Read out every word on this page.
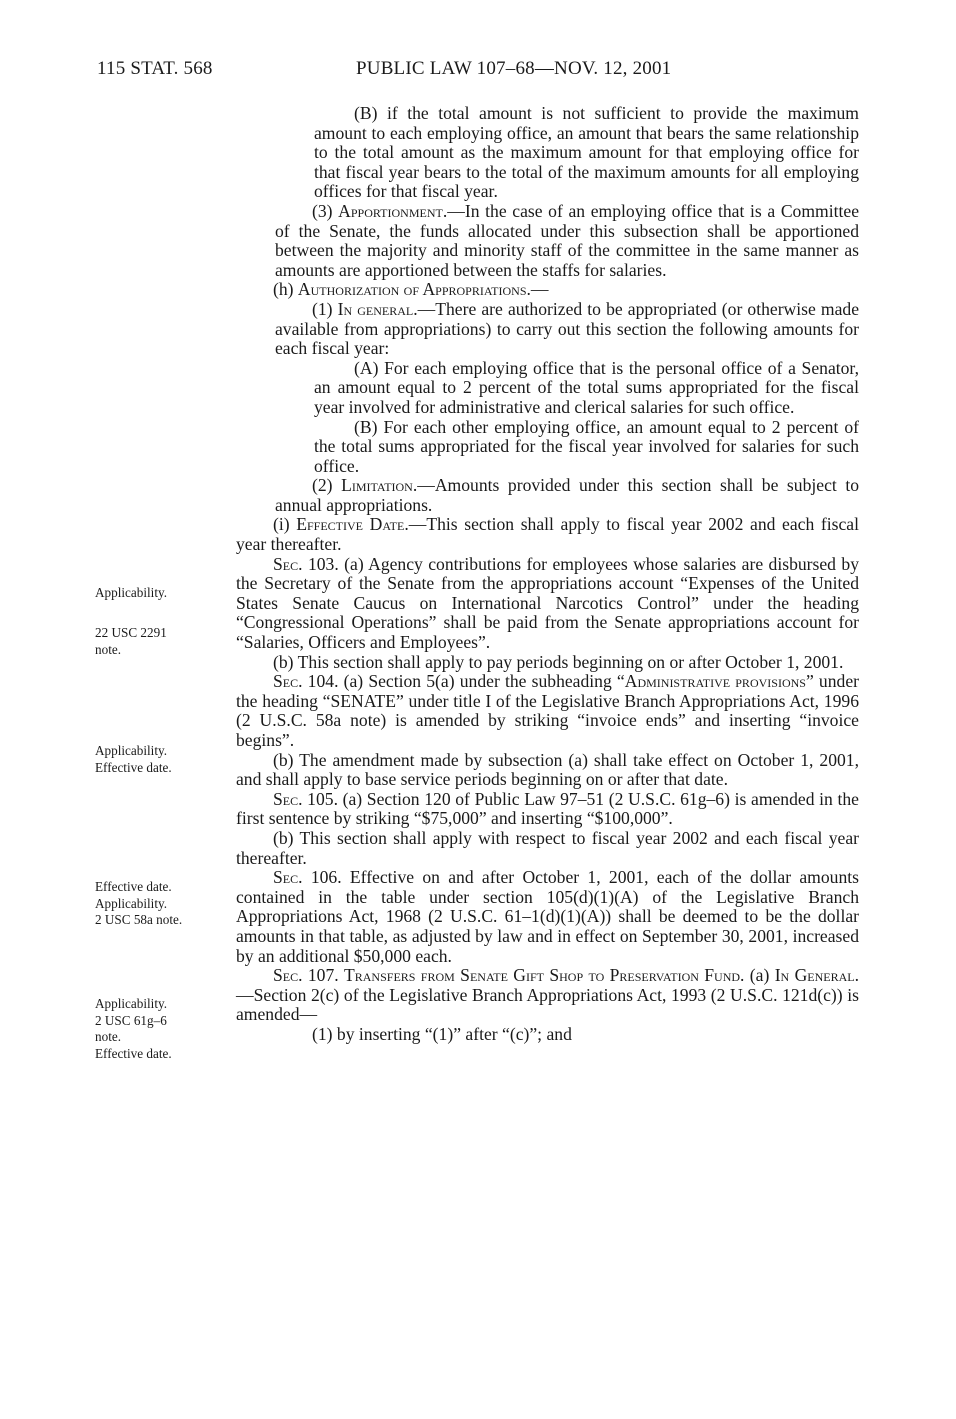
115 STAT. 568	PUBLIC LAW 107–68—NOV. 12, 2001
Applicability.
22 USC 2291
note.
Applicability.
Effective date.
Effective date.
Applicability.
2 USC 58a note.
Applicability.
2 USC 61g–6
note.
Effective date.

(B) if the total amount is not sufficient to provide the maximum amount to each employing office, an amount that bears the same relationship to the total amount as the maximum amount for that employing office for that fiscal year bears to the total of the maximum amounts for all employing offices for that fiscal year.

(3) Apportionment.—In the case of an employing office that is a Committee of the Senate, the funds allocated under this subsection shall be apportioned between the majority and minority staff of the committee in the same manner as amounts are apportioned between the staffs for salaries.

(h) Authorization of Appropriations.—

(1) In general.—There are authorized to be appropriated (or otherwise made available from appropriations) to carry out this section the following amounts for each fiscal year:

(A) For each employing office that is the personal office of a Senator, an amount equal to 2 percent of the total sums appropriated for the fiscal year involved for administrative and clerical salaries for such office.

(B) For each other employing office, an amount equal to 2 percent of the total sums appropriated for the fiscal year involved for salaries for such office.

(2) Limitation.—Amounts provided under this section shall be subject to annual appropriations.

(i) Effective Date.—This section shall apply to fiscal year 2002 and each fiscal year thereafter.

Sec. 103. (a) Agency contributions for employees whose salaries are disbursed by the Secretary of the Senate from the appropriations account “Expenses of the United States Senate Caucus on International Narcotics Control” under the heading “Congressional Operations” shall be paid from the Senate appropriations account for “Salaries, Officers and Employees”.

(b) This section shall apply to pay periods beginning on or after October 1, 2001.

Sec. 104. (a) Section 5(a) under the subheading “Administrative provisions” under the heading “SENATE” under title I of the Legislative Branch Appropriations Act, 1996 (2 U.S.C. 58a note) is amended by striking “invoice ends” and inserting “invoice begins”.

(b) The amendment made by subsection (a) shall take effect on October 1, 2001, and shall apply to base service periods beginning on or after that date.

Sec. 105. (a) Section 120 of Public Law 97–51 (2 U.S.C. 61g–6) is amended in the first sentence by striking “$75,000” and inserting “$100,000”.

(b) This section shall apply with respect to fiscal year 2002 and each fiscal year thereafter.

Sec. 106. Effective on and after October 1, 2001, each of the dollar amounts contained in the table under section 105(d)(1)(A) of the Legislative Branch Appropriations Act, 1968 (2 U.S.C. 61–1(d)(1)(A)) shall be deemed to be the dollar amounts in that table, as adjusted by law and in effect on September 30, 2001, increased by an additional $50,000 each.

Sec. 107. Transfers from Senate Gift Shop to Preservation Fund. (a) In General.—Section 2(c) of the Legislative Branch Appropriations Act, 1993 (2 U.S.C. 121d(c)) is amended—

(1) by inserting “(1)” after “(c)”; and
